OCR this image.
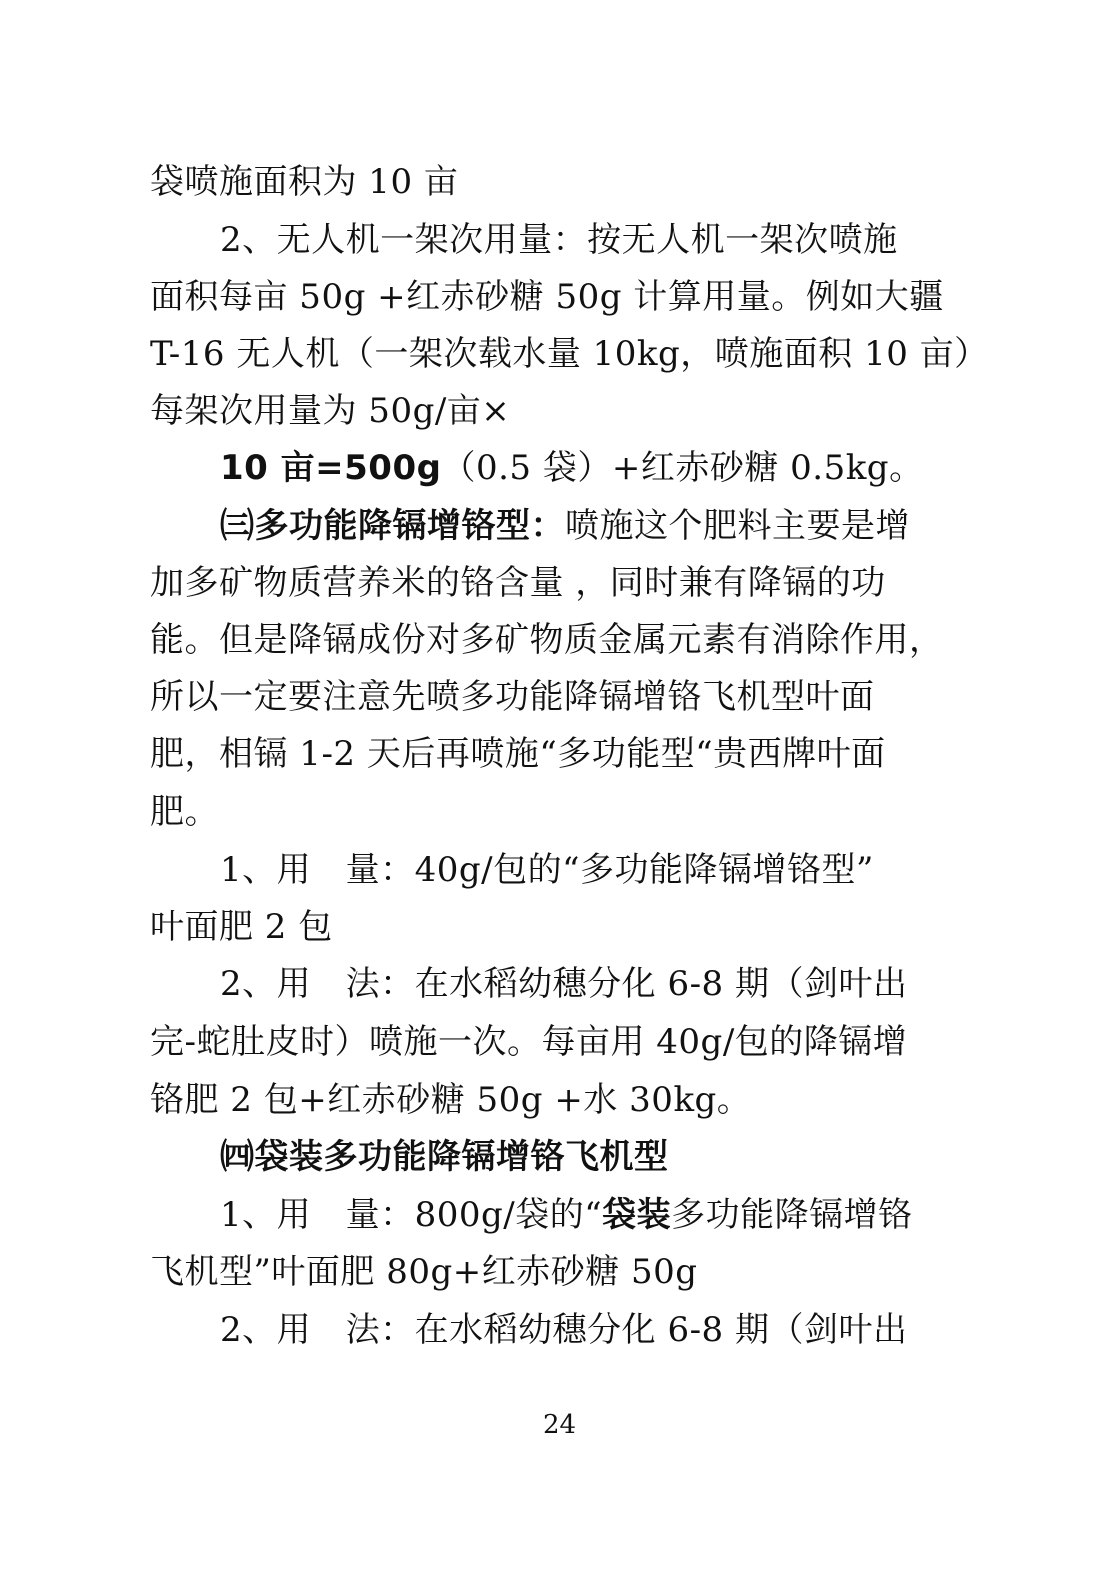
袋喷施面积为 10 亩
2、无人机一架次用量：按无人机一架次喷施
面积每亩 50g +红赤砂糖 50g 计算用量。例如大疆
T-16 无人机（一架次载水量 10kg，喷施面积 10 亩）
每架次用量为 50g/亩×
10 亩=500g（0.5 袋）+红赤砂糖 0.5kg。
㈢多功能降镉增铬型：喷施这个肥料主要是增
加多矿物质营养米的铬含量 ，同时兼有降镉的功
能。但是降镉成份对多矿物质金属元素有消除作用，
所以一定要注意先喷多功能降镉增铬飞机型叶面
肥，相镉 1-2 天后再喷施“多功能型“贵西牌叶面
肥。
1、用　量：40g/包的“多功能降镉增铬型”
叶面肥 2 包
2、用　法：在水稻幼穗分化 6-8 期（剑叶出
完-蛇肚皮时）喷施一次。每亩用 40g/包的降镉增
铬肥 2 包+红赤砂糖 50g +水 30kg。
㈣袋装多功能降镉增铬飞机型
1、用　量：800g/袋的“袋装多功能降镉增铬
飞机型”叶面肥 80g+红赤砂糖 50g
2、用　法：在水稻幼穗分化 6-8 期（剑叶出
24
